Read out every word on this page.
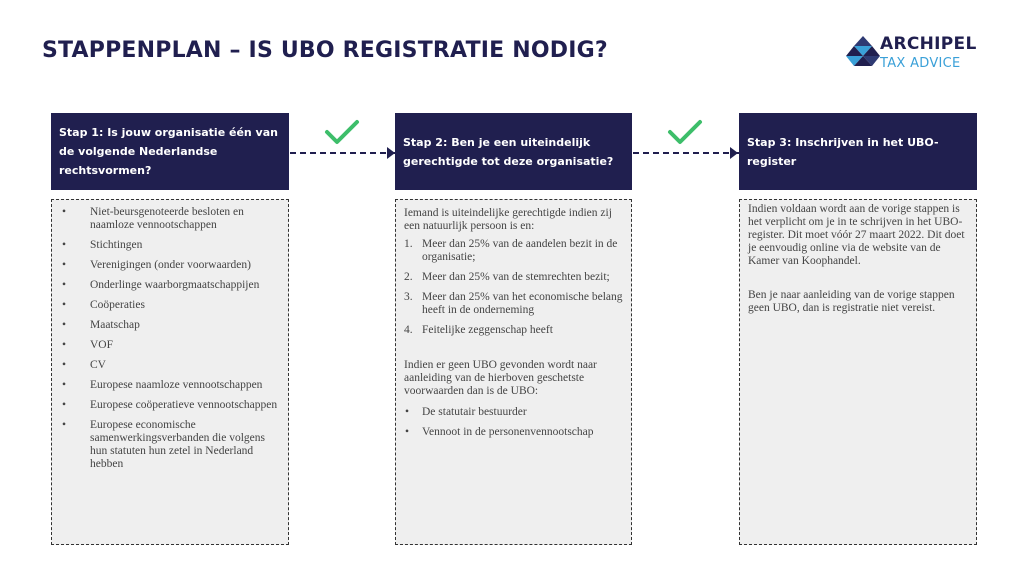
STAPPENPLAN – IS UBO REGISTRATIE NODIG?	ARCHIPEL
TAX ADVICE
Stap 1: Is jouw organisatie één van de volgende Nederlandse rechtsvormen?
Stap 2: Ben je een uiteindelijk gerechtigde tot deze organisatie?
Stap 3: Inschrijven in het UBO-register
• Niet-beursgenoteerde besloten en naamloze vennootschappen
• Stichtingen
• Verenigingen (onder voorwaarden)
• Onderlinge waarborgmaatschappijen
• Coöperaties
• Maatschap
• VOF
• CV
• Europese naamloze vennootschappen
• Europese coöperatieve vennootschappen
• Europese economische samenwerkingsverbanden die volgens hun statuten hun zetel in Nederland hebben

Iemand is uiteindelijke gerechtigde indien zij een natuurlijk persoon is en:

1. Meer dan 25% van de aandelen bezit in de organisatie;
2. Meer dan 25% van de stemrechten bezit;
3. Meer dan 25% van het economische belang heeft in de onderneming
4. Feitelijke zeggenschap heeft

Indien er geen UBO gevonden wordt naar aanleiding van de hierboven geschetste voorwaarden dan is de UBO:

• De statutair bestuurder
• Vennoot in de personenvennootschap

Indien voldaan wordt aan de vorige stappen is het verplicht om je in te schrijven in het UBO-register. Dit moet vóór 27 maart 2022. Dit doet je eenvoudig online via de website van de Kamer van Koophandel.

Ben je naar aanleiding van de vorige stappen geen UBO, dan is registratie niet vereist.
